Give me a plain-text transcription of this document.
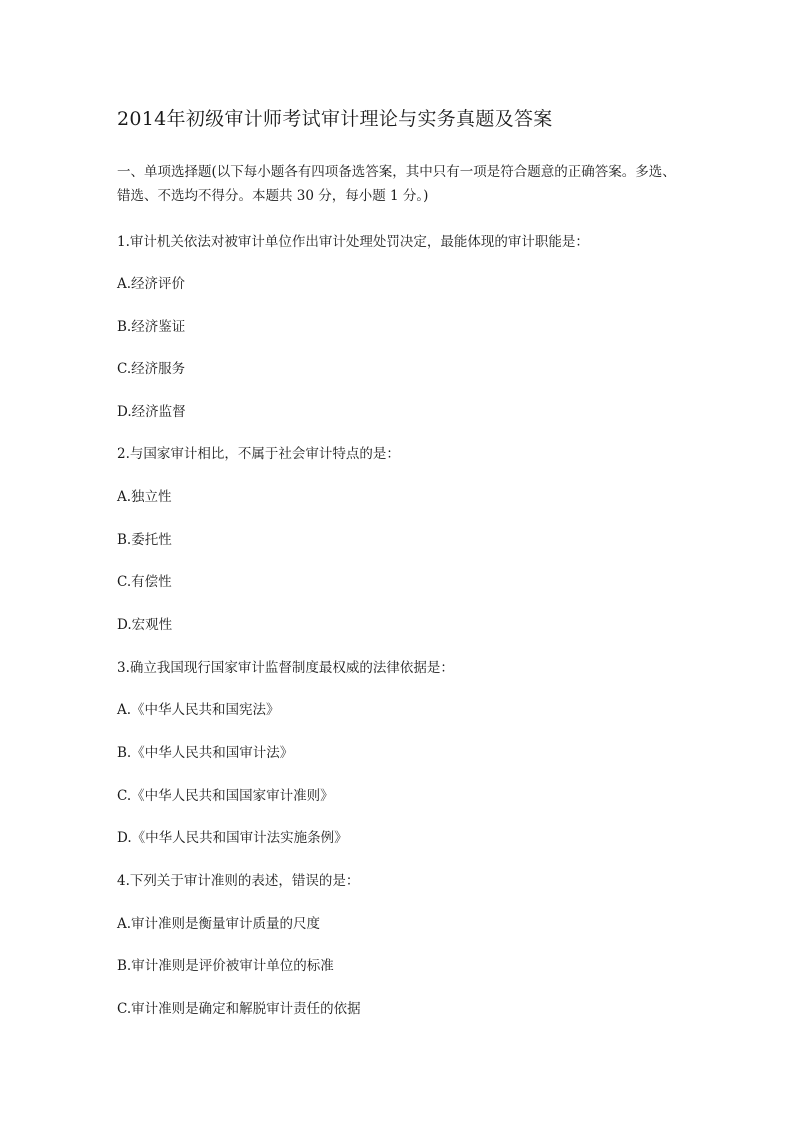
2014年初级审计师考试审计理论与实务真题及答案
一、单项选择题(以下每小题各有四项备选答案，其中只有一项是符合题意的正确答案。多选、错选、不选均不得分。本题共 30 分，每小题 1 分。)
1.审计机关依法对被审计单位作出审计处理处罚决定，最能体现的审计职能是：
A.经济评价
B.经济鉴证
C.经济服务
D.经济监督
2.与国家审计相比，不属于社会审计特点的是：
A.独立性
B.委托性
C.有偿性
D.宏观性
3.确立我国现行国家审计监督制度最权威的法律依据是：
A.《中华人民共和国宪法》
B.《中华人民共和国审计法》
C.《中华人民共和国国家审计准则》
D.《中华人民共和国审计法实施条例》
4.下列关于审计准则的表述，错误的是：
A.审计准则是衡量审计质量的尺度
B.审计准则是评价被审计单位的标准
C.审计准则是确定和解脱审计责任的依据
